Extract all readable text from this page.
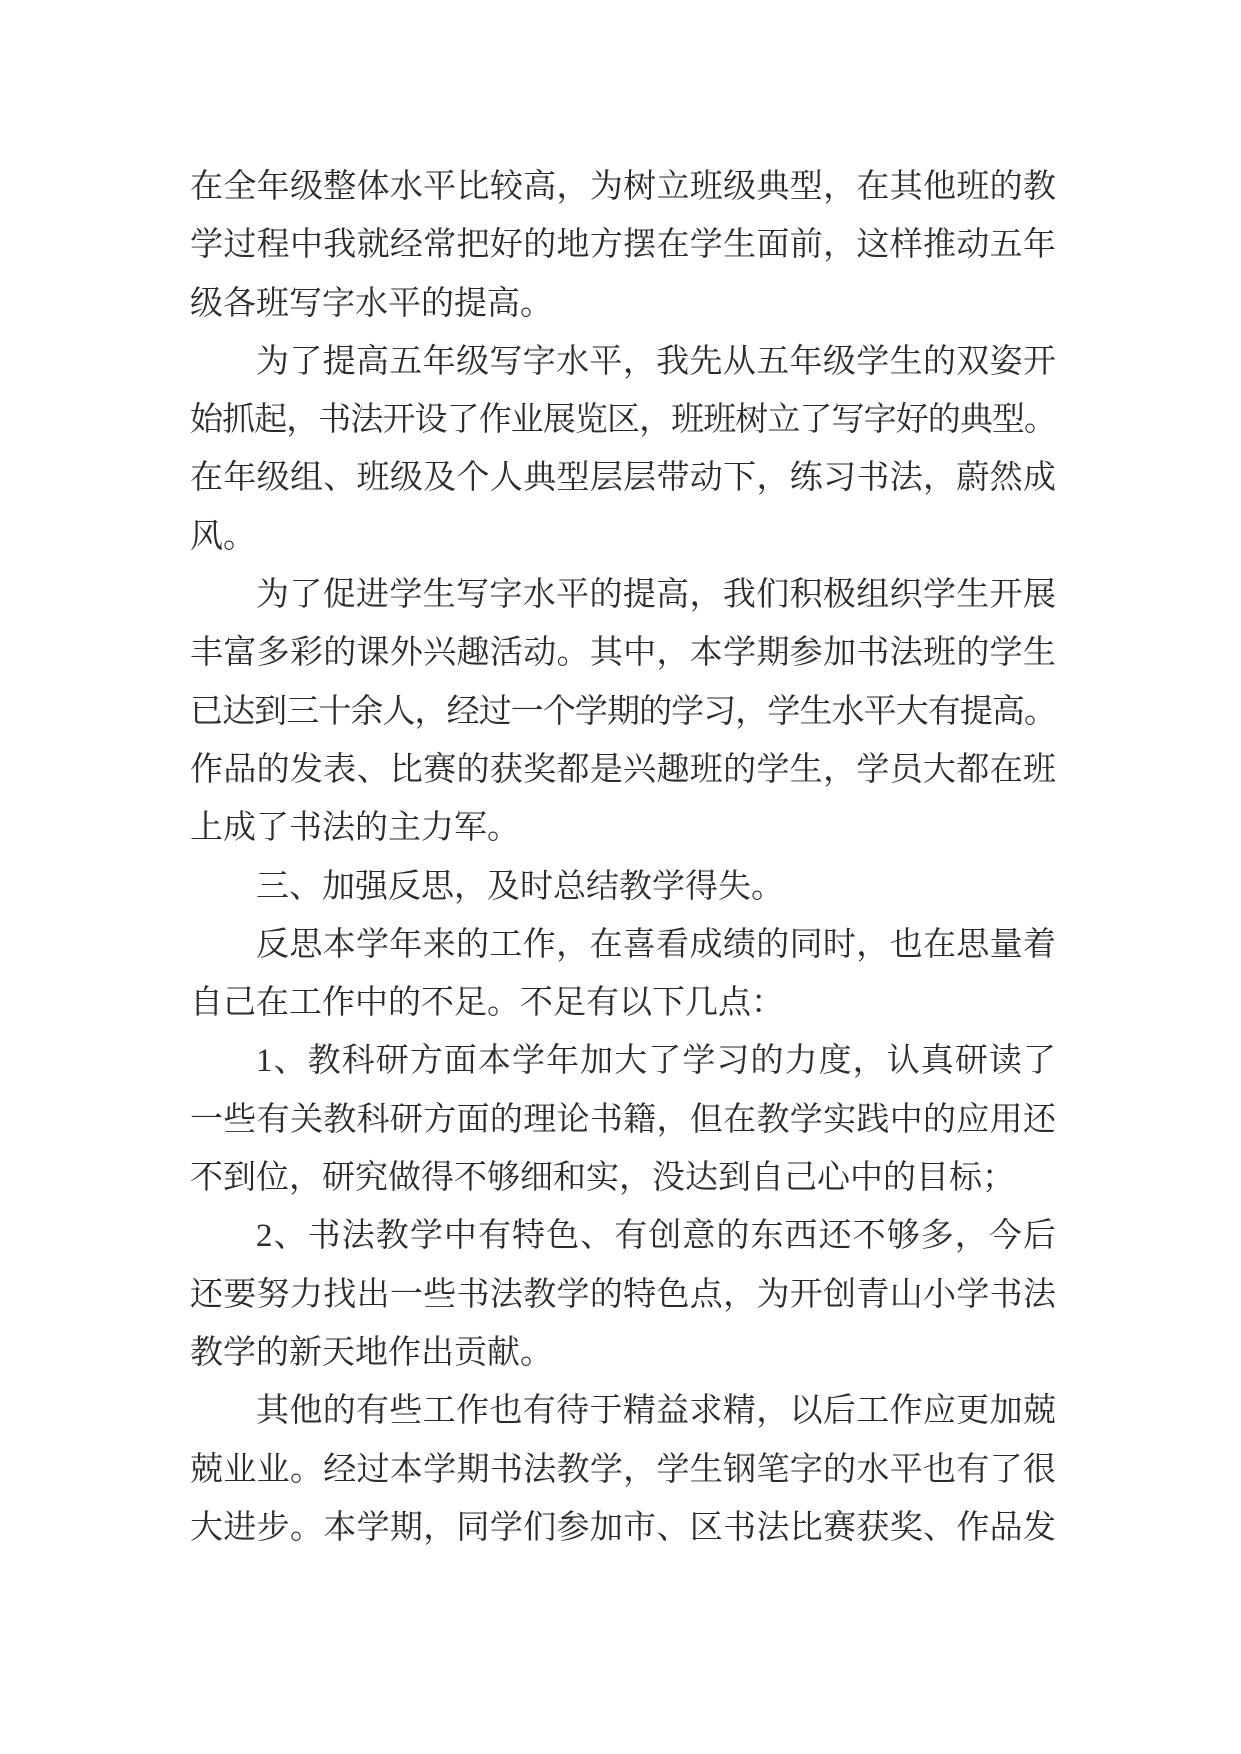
在全年级整体水平比较高，为树立班级典型，在其他班的教
学过程中我就经常把好的地方摆在学生面前，这样推动五年
级各班写字水平的提高。
为了提高五年级写字水平，我先从五年级学生的双姿开
始抓起，书法开设了作业展览区，班班树立了写字好的典型。
在年级组、班级及个人典型层层带动下，练习书法，蔚然成
风。
为了促进学生写字水平的提高，我们积极组织学生开展
丰富多彩的课外兴趣活动。其中，本学期参加书法班的学生
已达到三十余人，经过一个学期的学习，学生水平大有提高。
作品的发表、比赛的获奖都是兴趣班的学生，学员大都在班
上成了书法的主力军。
三、加强反思，及时总结教学得失。
反思本学年来的工作，在喜看成绩的同时，也在思量着
自己在工作中的不足。不足有以下几点：
1、教科研方面本学年加大了学习的力度，认真研读了
一些有关教科研方面的理论书籍，但在教学实践中的应用还
不到位，研究做得不够细和实，没达到自己心中的目标；
2、书法教学中有特色、有创意的东西还不够多，今后
还要努力找出一些书法教学的特色点，为开创青山小学书法
教学的新天地作出贡献。
其他的有些工作也有待于精益求精，以后工作应更加兢
兢业业。经过本学期书法教学，学生钢笔字的水平也有了很
大进步。本学期，同学们参加市、区书法比赛获奖、作品发
